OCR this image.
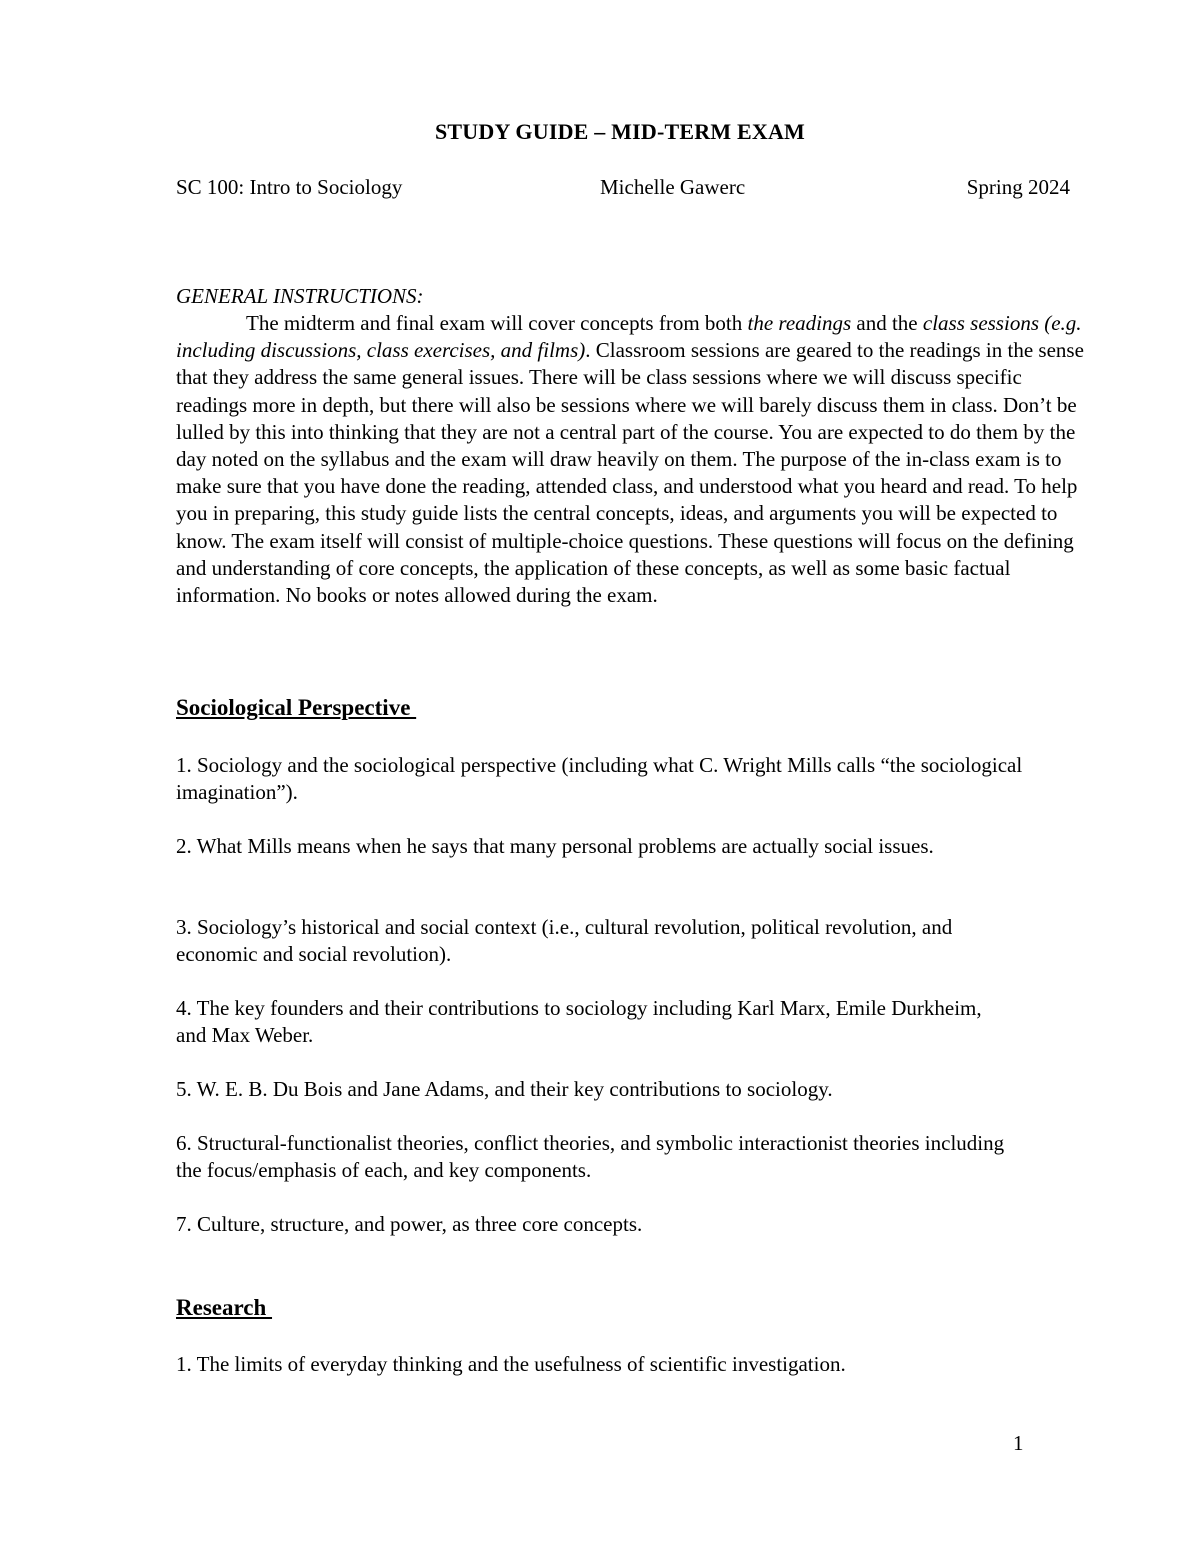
STUDY GUIDE – MID-TERM EXAM
SC 100: Intro to Sociology	Michelle Gawerc	Spring 2024
GENERAL INSTRUCTIONS:
The midterm and final exam will cover concepts from both the readings and the class sessions (e.g. including discussions, class exercises, and films). Classroom sessions are geared to the readings in the sense that they address the same general issues. There will be class sessions where we will discuss specific readings more in depth, but there will also be sessions where we will barely discuss them in class. Don’t be lulled by this into thinking that they are not a central part of the course. You are expected to do them by the day noted on the syllabus and the exam will draw heavily on them. The purpose of the in-class exam is to make sure that you have done the reading, attended class, and understood what you heard and read. To help you in preparing, this study guide lists the central concepts, ideas, and arguments you will be expected to know. The exam itself will consist of multiple-choice questions. These questions will focus on the defining and understanding of core concepts, the application of these concepts, as well as some basic factual information. No books or notes allowed during the exam.
Sociological Perspective
1. Sociology and the sociological perspective (including what C. Wright Mills calls “the sociological imagination”).
2. What Mills means when he says that many personal problems are actually social issues.
3. Sociology’s historical and social context (i.e., cultural revolution, political revolution, and economic and social revolution).
4. The key founders and their contributions to sociology including Karl Marx, Emile Durkheim, and Max Weber.
5. W. E. B. Du Bois and Jane Adams, and their key contributions to sociology.
6. Structural-functionalist theories, conflict theories, and symbolic interactionist theories including the focus/emphasis of each, and key components.
7. Culture, structure, and power, as three core concepts.
Research
1. The limits of everyday thinking and the usefulness of scientific investigation.
1
